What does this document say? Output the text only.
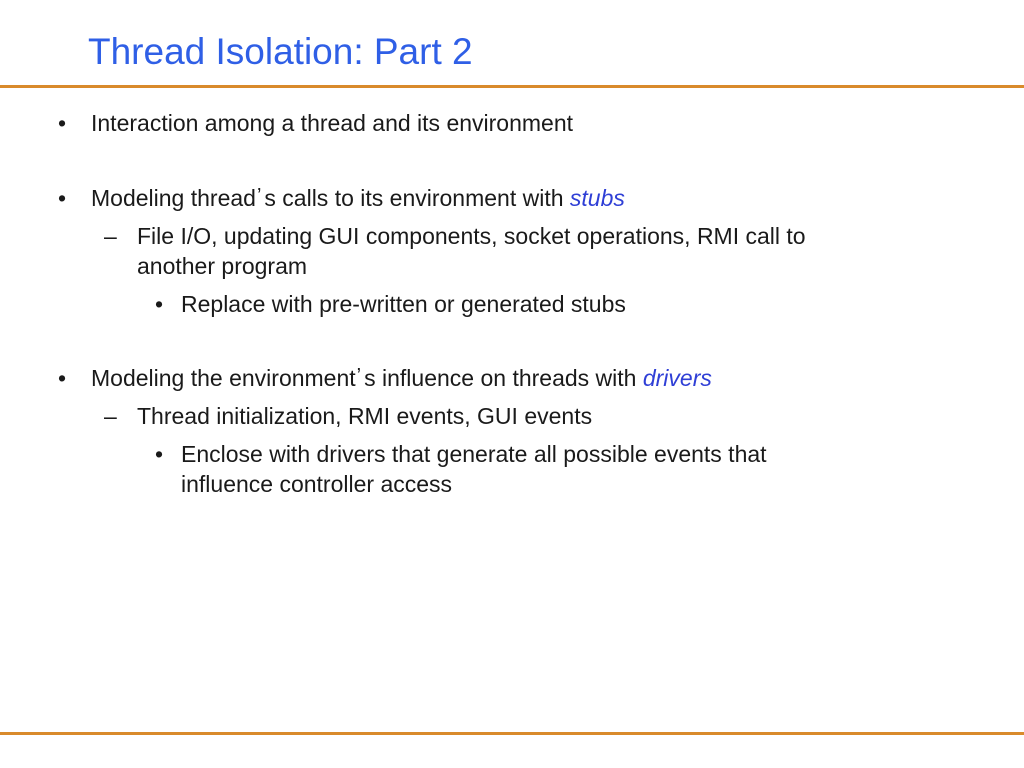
Thread Isolation: Part 2
• Interaction among a thread and its environment
• Modeling thread’ s calls to its environment with stubs
– File I/O, updating GUI components, socket operations, RMI call to
another program
• Replace with pre-written or generated stubs
• Modeling the environment’ s influence on threads with drivers
– Thread initialization, RMI events, GUI events
• Enclose with drivers that generate all possible events that
influence controller access
